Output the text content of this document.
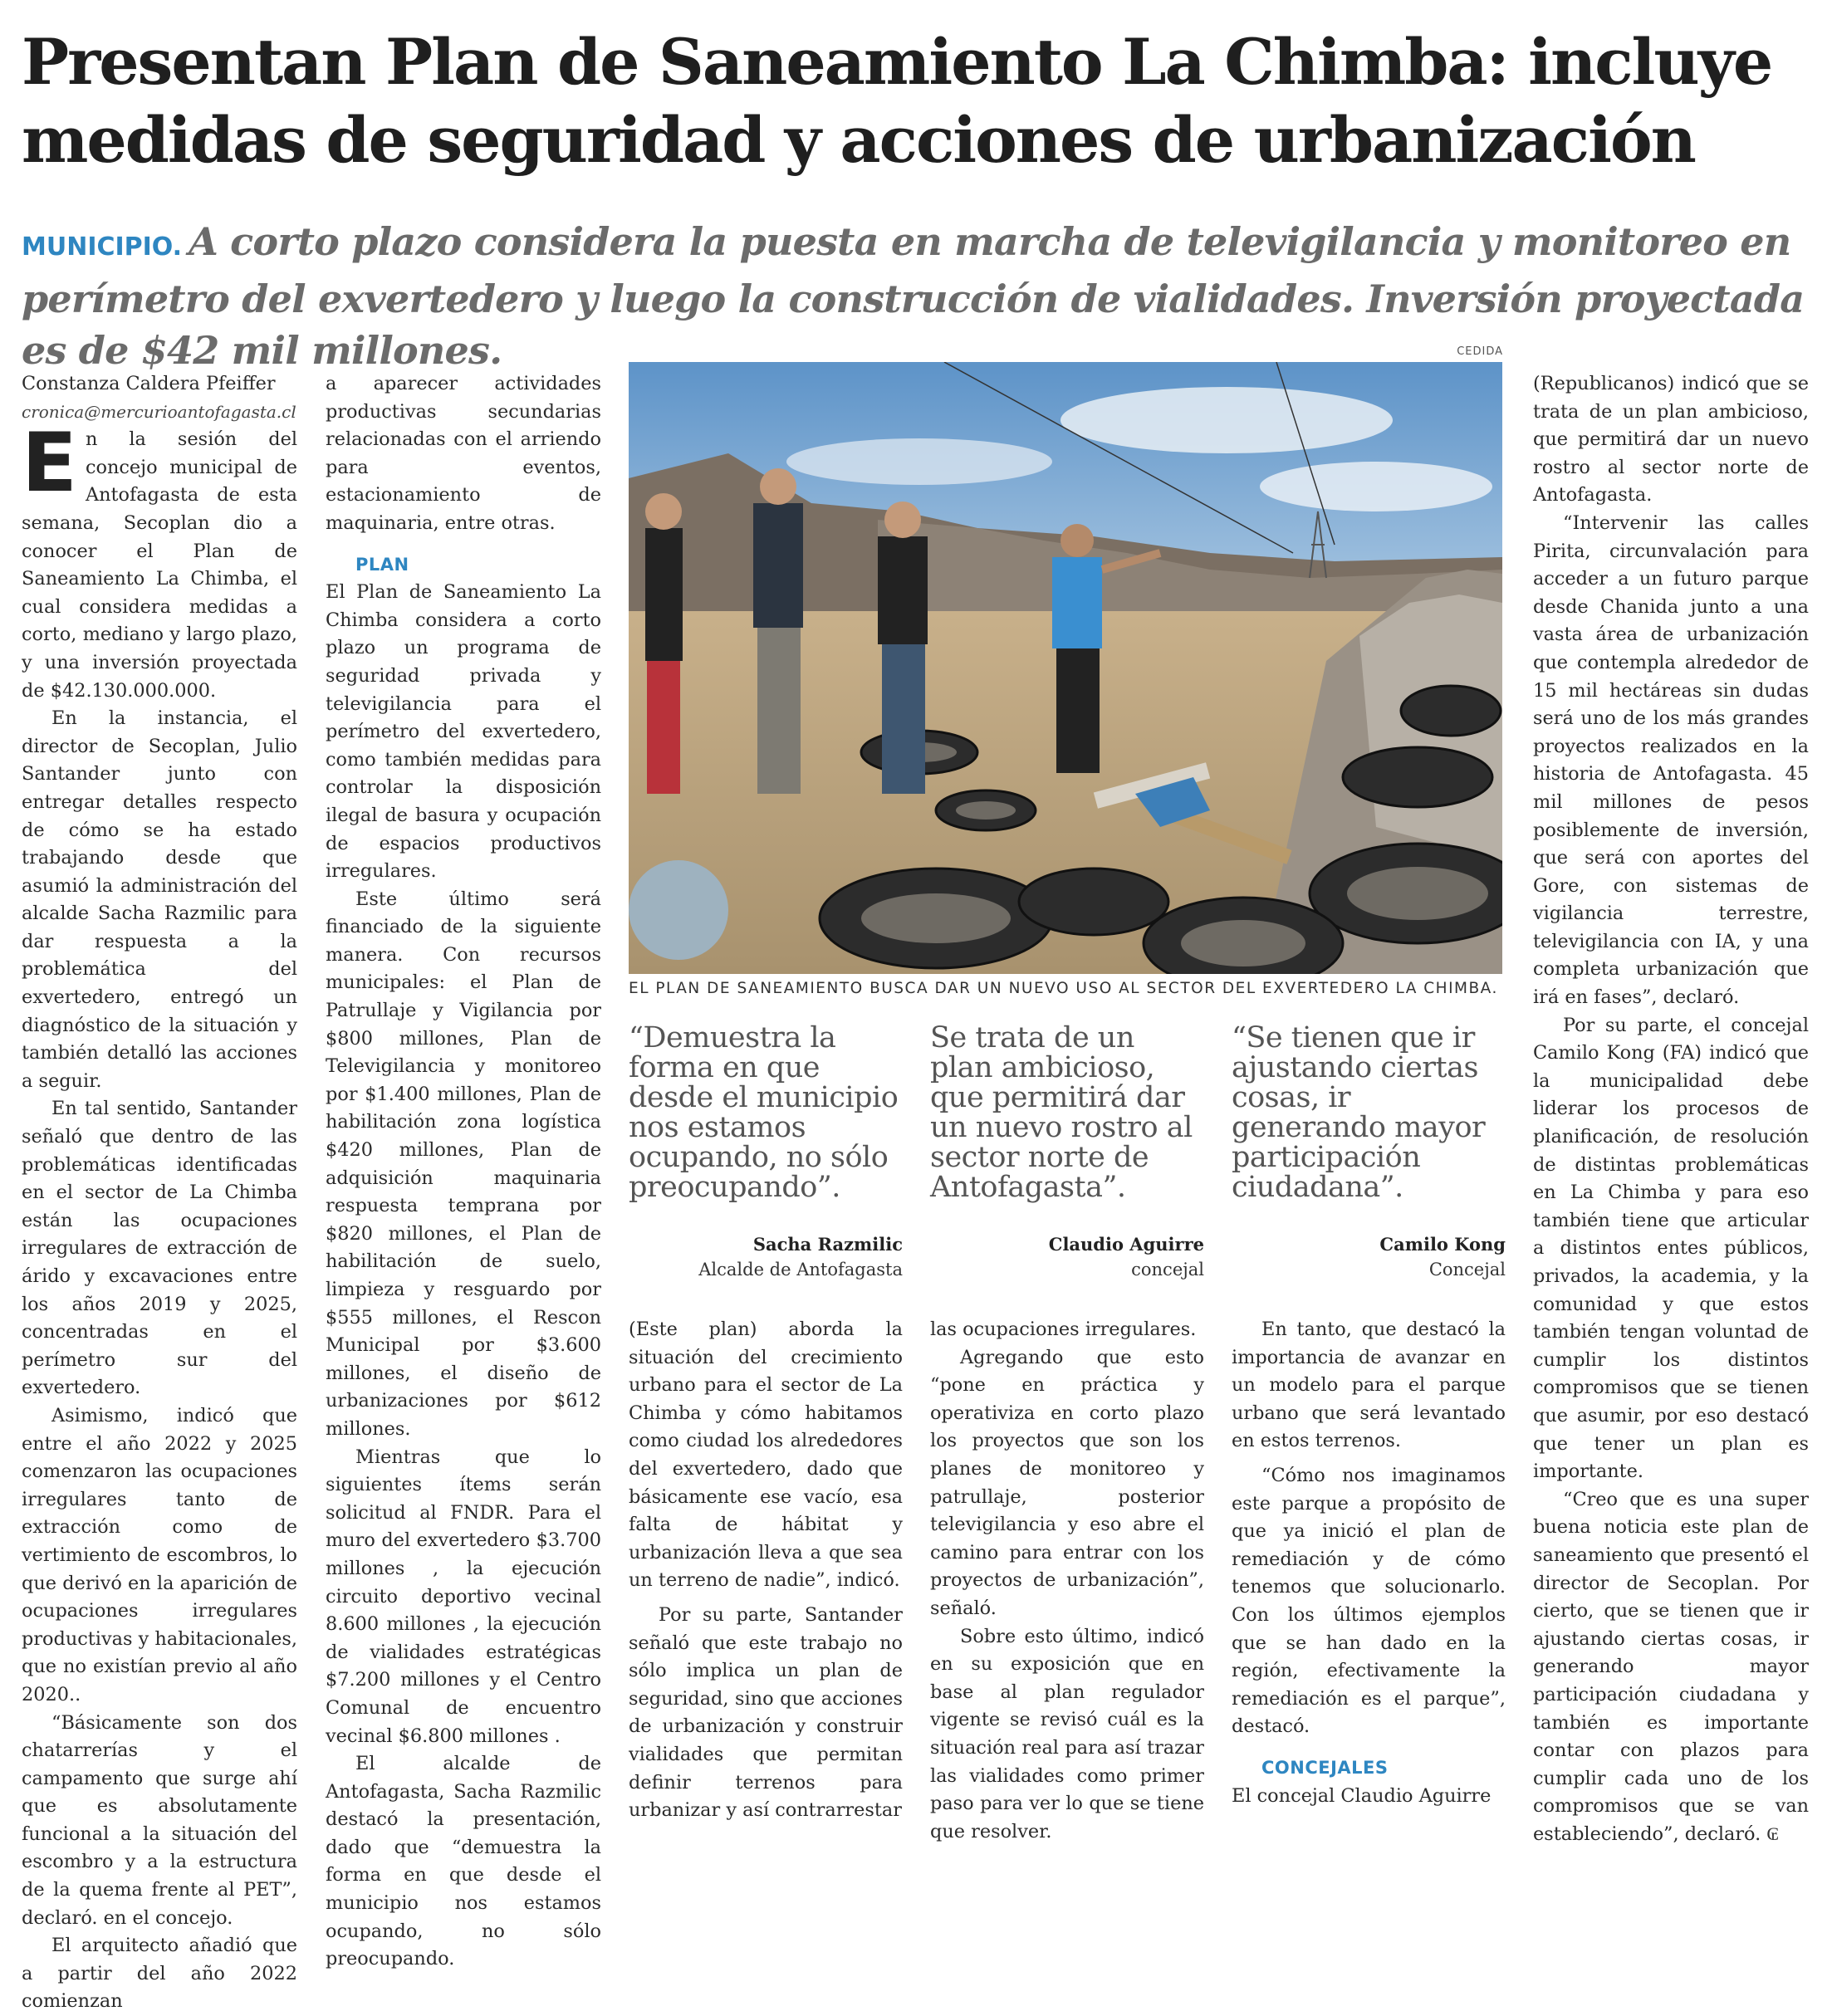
Presentan Plan de Saneamiento La Chimba: incluye medidas de seguridad y acciones de urbanización

MUNICIPIO. A corto plazo considera la puesta en marcha de televigilancia y monitoreo en perímetro del exvertedero y luego la construcción de vialidades. Inversión proyectada es de $42 mil millones.

Constanza Caldera Pfeiffer

cronica@mercurioantofagasta.cl

En la sesión del concejo municipal de Antofagasta de esta semana, Secoplan dio a conocer el Plan de Saneamiento La Chimba, el cual considera medidas a corto, mediano y largo plazo, y una inversión proyectada de $42.130.000.000.

En la instancia, el director de Secoplan, Julio Santander junto con entregar detalles respecto de cómo se ha estado trabajando desde que asumió la administración del alcalde Sacha Razmilic para dar respuesta a la problemática del exvertedero, entregó un diagnóstico de la situación y también detalló las acciones a seguir.

En tal sentido, Santander señaló que dentro de las problemáticas identificadas en el sector de La Chimba están las ocupaciones irregulares de extracción de árido y excavaciones entre los años 2019 y 2025, concentradas en el perímetro sur del exvertedero.

Asimismo, indicó que entre el año 2022 y 2025 comenzaron las ocupaciones irregulares tanto de extracción como de vertimiento de escombros, lo que derivó en la aparición de ocupaciones irregulares productivas y habitacionales, que no existían previo al año 2020..

“Básicamente son dos chatarrerías y el campamento que surge ahí que es absolutamente funcional a la situación del escombro y a la estructura de la quema frente al PET”, declaró. en el concejo.

El arquitecto añadió que a partir del año 2022 comienzan

a aparecer actividades productivas secundarias relacionadas con el arriendo para eventos, estacionamiento de maquinaria, entre otras.

PLAN

El Plan de Saneamiento La Chimba considera a corto plazo un programa de seguridad privada y televigilancia para el perímetro del exvertedero, como también medidas para controlar la disposición ilegal de basura y ocupación de espacios productivos irregulares.

Este último será financiado de la siguiente manera. Con recursos municipales: el Plan de Patrullaje y Vigilancia por $800 millones, Plan de Televigilancia y monitoreo por $1.400 millones, Plan de habilitación zona logística $420 millones, Plan de adquisición maquinaria respuesta temprana por $820 millones, el Plan de habilitación de suelo, limpieza y resguardo por $555 millones, el Rescon Municipal por $3.600 millones, el diseño de urbanizaciones por $612 millones.

Mientras que lo siguientes ítems serán solicitud al FNDR. Para el muro del exvertedero $3.700 millones , la ejecución circuito deportivo vecinal 8.600 millones , la ejecución de vialidades estratégicas $7.200 millones y el Centro Comunal de encuentro vecinal $6.800 millones .

El alcalde de Antofagasta, Sacha Razmilic destacó la presentación, dado que “demuestra la forma en que desde el municipio nos estamos ocupando, no sólo preocupando.

CEDIDA
EL PLAN DE SANEAMIENTO BUSCA DAR UN NUEVO USO AL SECTOR DEL EXVERTEDERO LA CHIMBA.

“Demuestra la forma en que desde el municipio nos estamos ocupando, no sólo preocupando”.

Sacha Razmilic

Alcalde de Antofagasta

Se trata de un plan ambicioso, que permitirá dar un nuevo rostro al sector norte de Antofagasta”.

Claudio Aguirre

concejal

“Se tienen que ir ajustando ciertas cosas, ir generando mayor participación ciudadana”.

Camilo Kong

Concejal

(Este plan) aborda la situación del crecimiento urbano para el sector de La Chimba y cómo habitamos como ciudad los alrededores del exvertedero, dado que básicamente ese vacío, esa falta de hábitat y urbanización lleva a que sea un terreno de nadie”, indicó.

Por su parte, Santander señaló que este trabajo no sólo implica un plan de seguridad, sino que acciones de urbanización y construir vialidades que permitan definir terrenos para urbanizar y así contrarrestar

las ocupaciones irregulares.

Agregando que esto “pone en práctica y operativiza en corto plazo los proyectos que son los planes de monitoreo y patrullaje, posterior televigilancia y eso abre el camino para entrar con los proyectos de urbanización”, señaló.

Sobre esto último, indicó en su exposición que en base al plan regulador vigente se revisó cuál es la situación real para así trazar las vialidades como primer paso para ver lo que se tiene que resolver.

En tanto, que destacó la importancia de avanzar en un modelo para el parque urbano que será levantado en estos terrenos.

“Cómo nos imaginamos este parque a propósito de que ya inició el plan de remediación y de cómo tenemos que solucionarlo. Con los últimos ejemplos que se han dado en la región, efectivamente la remediación es el parque”, destacó.

CONCEJALES

El concejal Claudio Aguirre

(Republicanos) indicó que se trata de un plan ambicioso, que permitirá dar un nuevo rostro al sector norte de Antofagasta.

“Intervenir las calles Pirita, circunvalación para acceder a un futuro parque desde Chanida junto a una vasta área de urbanización que contempla alrededor de 15 mil hectáreas sin dudas será uno de los más grandes proyectos realizados en la historia de Antofagasta. 45 mil millones de pesos posiblemente de inversión, que será con aportes del Gore, con sistemas de vigilancia terrestre, televigilancia con IA, y una completa urbanización que irá en fases”, declaró.

Por su parte, el concejal Camilo Kong (FA) indicó que la municipalidad debe liderar los procesos de planificación, de resolución de distintas problemáticas en La Chimba y para eso también tiene que articular a distintos entes públicos, privados, la academia, y la comunidad y que estos también tengan voluntad de cumplir los distintos compromisos que se tienen que asumir, por eso destacó que tener un plan es importante.

“Creo que es una super buena noticia este plan de saneamiento que presentó el director de Secoplan. Por cierto, que se tienen que ir ajustando ciertas cosas, ir generando mayor participación ciudadana y también es importante contar con plazos para cumplir cada uno de los compromisos que se van estableciendo”, declaró. ₢
